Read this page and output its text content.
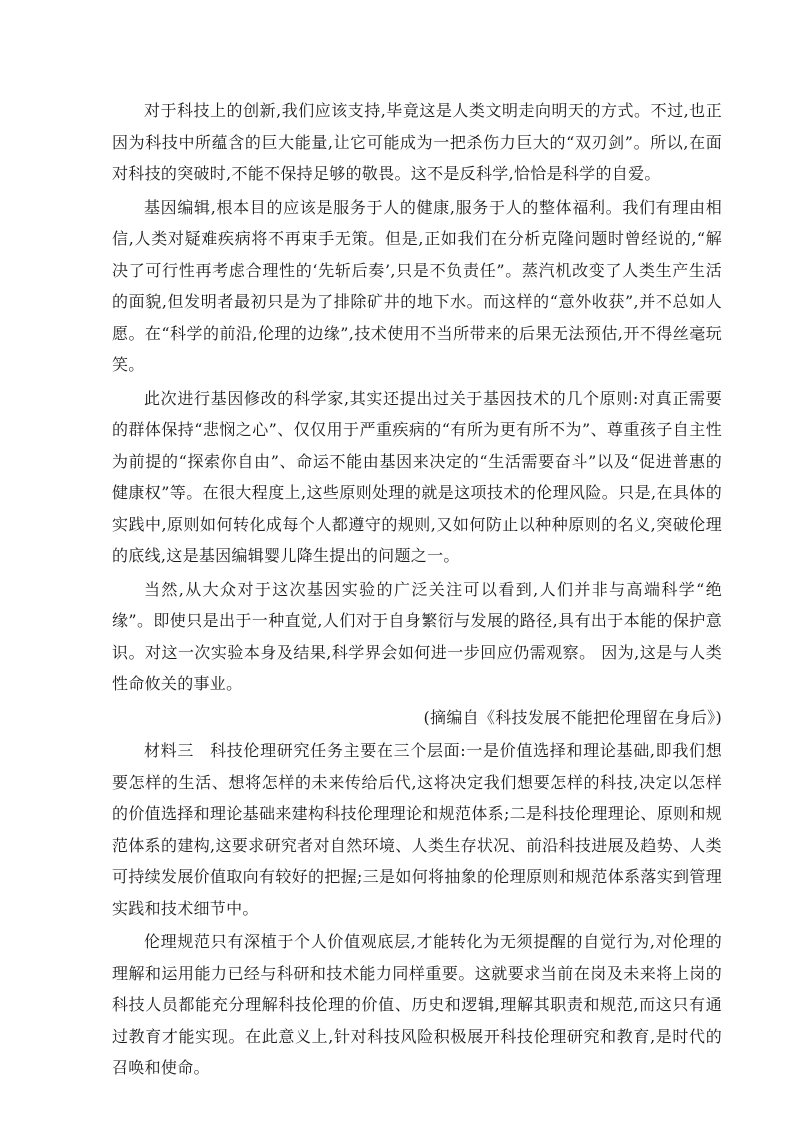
对于科技上的创新,我们应该支持,毕竟这是人类文明走向明天的方式。不过,也正因为科技中所蕴含的巨大能量,让它可能成为一把杀伤力巨大的“双刃剑”。所以,在面对科技的突破时,不能不保持足够的敬畏。这不是反科学,恰恰是科学的自爱。

基因编辑,根本目的应该是服务于人的健康,服务于人的整体福利。我们有理由相信,人类对疑难疾病将不再束手无策。但是,正如我们在分析克隆问题时曾经说的,“解决了可行性再考虑合理性的‘先斩后奏’,只是不负责任”。蒸汽机改变了人类生产生活的面貌,但发明者最初只是为了排除矿井的地下水。而这样的“意外收获”,并不总如人愿。在“科学的前沿,伦理的边缘”,技术使用不当所带来的后果无法预估,开不得丝毫玩笑。

此次进行基因修改的科学家,其实还提出过关于基因技术的几个原则:对真正需要的群体保持“悲悯之心”、仅仅用于严重疾病的“有所为更有所不为”、尊重孩子自主性为前提的“探索你自由”、命运不能由基因来决定的“生活需要奋斗”以及“促进普惠的健康权”等。在很大程度上,这些原则处理的就是这项技术的伦理风险。只是,在具体的实践中,原则如何转化成每个人都遵守的规则,又如何防止以种种原则的名义,突破伦理的底线,这是基因编辑婴儿降生提出的问题之一。

当然,从大众对于这次基因实验的广泛关注可以看到,人们并非与高端科学“绝缘”。即使只是出于一种直觉,人们对于自身繁衍与发展的路径,具有出于本能的保护意识。对这一次实验本身及结果,科学界会如何进一步回应仍需观察。 因为,这是与人类性命攸关的事业。

(摘编自《科技发展不能把伦理留在身后》)

材料三 科技伦理研究任务主要在三个层面:一是价值选择和理论基础,即我们想要怎样的生活、想将怎样的未来传给后代,这将决定我们想要怎样的科技,决定以怎样的价值选择和理论基础来建构科技伦理理论和规范体系;二是科技伦理理论、原则和规范体系的建构,这要求研究者对自然环境、人类生存状况、前沿科技进展及趋势、人类可持续发展价值取向有较好的把握;三是如何将抽象的伦理原则和规范体系落实到管理实践和技术细节中。

伦理规范只有深植于个人价值观底层,才能转化为无须提醒的自觉行为,对伦理的理解和运用能力已经与科研和技术能力同样重要。这就要求当前在岗及未来将上岗的科技人员都能充分理解科技伦理的价值、历史和逻辑,理解其职责和规范,而这只有通过教育才能实现。在此意义上,针对科技风险积极展开科技伦理研究和教育,是时代的召唤和使命。
